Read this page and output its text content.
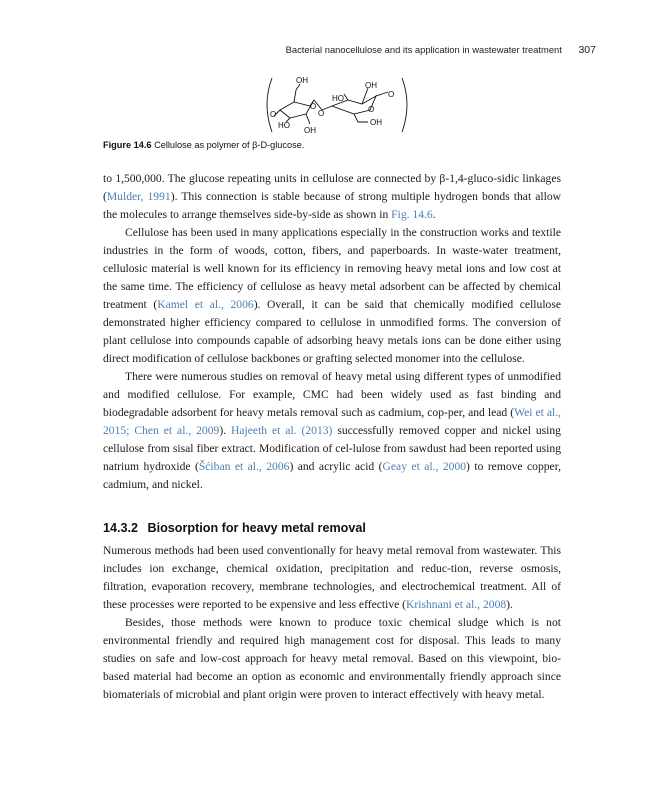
Bacterial nanocellulose and its application in wastewater treatment 307
OH
OH
HO
O
O
O
O
O
HO
OH
OH
Figure 14.6 Cellulose as polymer of β-D-glucose.

to 1,500,000. The glucose repeating units in cellulose are connected by β-1,4-gluco-sidic linkages (Mulder, 1991). This connection is stable because of strong multiple hydrogen bonds that allow the molecules to arrange themselves side-by-side as shown in Fig. 14.6.

Cellulose has been used in many applications especially in the construction works and textile industries in the form of woods, cotton, fibers, and paperboards. In waste-water treatment, cellulosic material is well known for its efficiency in removing heavy metal ions and low cost at the same time. The efficiency of cellulose as heavy metal adsorbent can be affected by chemical treatment (Kamel et al., 2006). Overall, it can be said that chemically modified cellulose demonstrated higher efficiency compared to cellulose in unmodified forms. The conversion of plant cellulose into compounds capable of adsorbing heavy metals ions can be done either using direct modification of cellulose backbones or grafting selected monomer into the cellulose.

There were numerous studies on removal of heavy metal using different types of unmodified and modified cellulose. For example, CMC had been widely used as fast binding and biodegradable adsorbent for heavy metals removal such as cadmium, cop-per, and lead (Wei et al., 2015; Chen et al., 2009). Hajeeth et al. (2013) successfully removed copper and nickel using cellulose from sisal fiber extract. Modification of cel-lulose from sawdust had been reported using natrium hydroxide (Šćiban et al., 2006) and acrylic acid (Geay et al., 2000) to remove copper, cadmium, and nickel.

14.3.2 Biosorption for heavy metal removal

Numerous methods had been used conventionally for heavy metal removal from wastewater. This includes ion exchange, chemical oxidation, precipitation and reduc-tion, reverse osmosis, filtration, evaporation recovery, membrane technologies, and electrochemical treatment. All of these processes were reported to be expensive and less effective (Krishnani et al., 2008).

Besides, those methods were known to produce toxic chemical sludge which is not environmental friendly and required high management cost for disposal. This leads to many studies on safe and low-cost approach for heavy metal removal. Based on this viewpoint, bio-based material had become an option as economic and environmentally friendly approach since biomaterials of microbial and plant origin were proven to interact effectively with heavy metal.
